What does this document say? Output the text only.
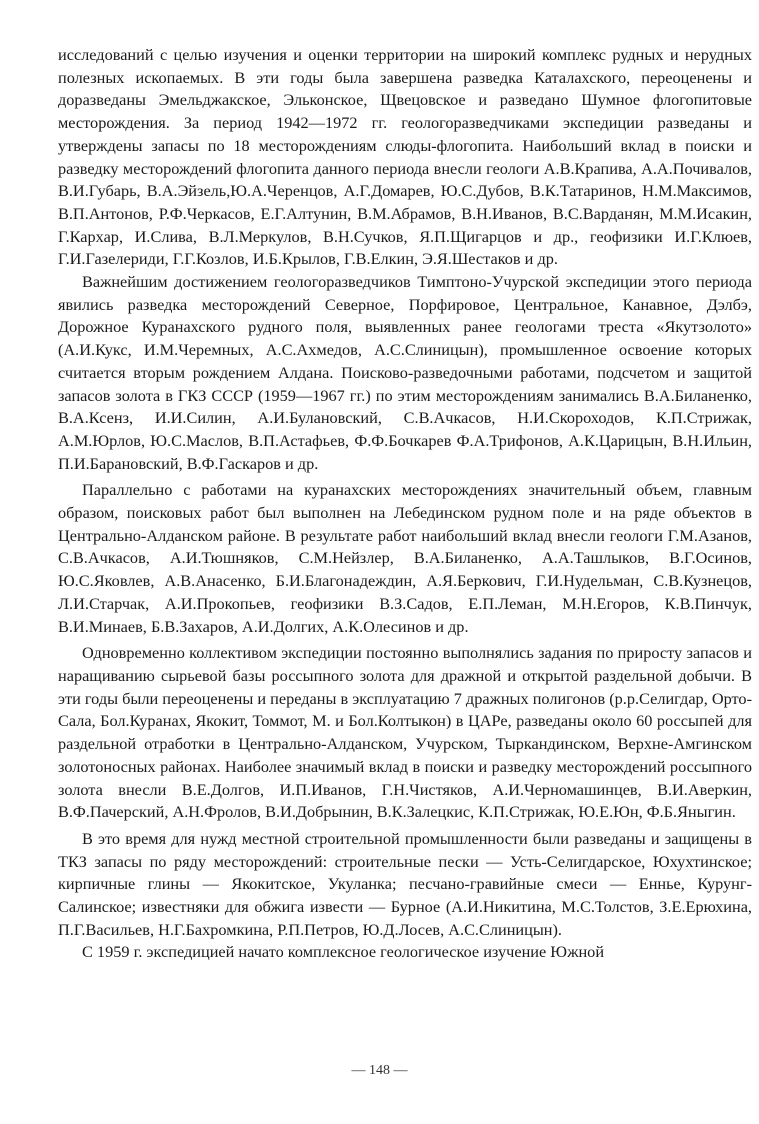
исследований с целью изучения и оценки территории на широкий комплекс рудных и нерудных полезных ископаемых. В эти годы была завершена разведка Каталахского, переоценены и доразведаны Эмельджакское, Эльконское, Щвецовское и разведано Шумное флогопитовые месторождения. За период 1942—1972 гг. геологоразведчиками экспедиции разведаны и утверждены запасы по 18 месторождениям слюды-флогопита. Наибольший вклад в поиски и разведку месторождений флогопита данного периода внесли геологи А.В.Крапива, А.А.Почивалов, В.И.Губарь, В.А.Эйзель,Ю.А.Черенцов, А.Г.Домарев, Ю.С.Дубов, В.К.Татаринов, Н.М.Максимов, В.П.Антонов, Р.Ф.Черкасов, Е.Г.Алтунин, В.М.Абрамов, В.Н.Иванов, В.С.Варданян, М.М.Исакин, Г.Кархар, И.Слива, В.Л.Меркулов, В.Н.Сучков, Я.П.Щигарцов и др., геофизики И.Г.Клюев, Г.И.Газелериди, Г.Г.Козлов, И.Б.Крылов, Г.В.Елкин, Э.Я.Шестаков и др.

Важнейшим достижением геологоразведчиков Тимптоно-Учурской экспедиции этого периода явились разведка месторождений Северное, Порфировое, Центральное, Канавное, Дэлбэ, Дорожное Куранахского рудного поля, выявленных ранее геологами треста «Якутзолото» (А.И.Кукс, И.М.Черемных, А.С.Ахмедов, А.С.Слиницын), промышленное освоение которых считается вторым рождением Алдана. Поисково-разведочными работами, подсчетом и защитой запасов золота в ГКЗ СССР (1959—1967 гг.) по этим месторождениям занимались В.А.Биланенко, В.А.Ксенз, И.И.Силин, А.И.Булановский, С.В.Ачкасов, Н.И.Скороходов, К.П.Стрижак, А.М.Юрлов, Ю.С.Маслов, В.П.Астафьев, Ф.Ф.Бочкарев Ф.А.Трифонов, А.К.Царицын, В.Н.Ильин, П.И.Барановский, В.Ф.Гаскаров и др.

Параллельно с работами на куранахских месторождениях значительный объем, главным образом, поисковых работ был выполнен на Лебединском рудном поле и на ряде объектов в Центрально-Алданском районе. В результате работ наибольший вклад внесли геологи Г.М.Азанов, С.В.Ачкасов, А.И.Тюшняков, С.М.Нейзлер, В.А.Биланенко, А.А.Ташлыков, В.Г.Осинов, Ю.С.Яковлев, А.В.Анасенко, Б.И.Благонадеждин, А.Я.Беркович, Г.И.Нудельман, С.В.Кузнецов, Л.И.Старчак, А.И.Прокопьев, геофизики В.З.Садов, Е.П.Леман, М.Н.Егоров, К.В.Пинчук, В.И.Минаев, Б.В.Захаров, А.И.Долгих, А.К.Олесинов и др.

Одновременно коллективом экспедиции постоянно выполнялись задания по приросту запасов и наращиванию сырьевой базы россыпного золота для дражной и открытой раздельной добычи. В эти годы были переоценены и переданы в эксплуатацию 7 дражных полигонов (р.р.Селигдар, Орто-Сала, Бол.Куранах, Якокит, Томмот, М. и Бол.Колтыкон) в ЦАРе, разведаны около 60 россыпей для раздельной отработки в Центрально-Алданском, Учурском, Тыркандинском, Верхне-Амгинском золотоносных районах. Наиболее значимый вклад в поиски и разведку месторождений россыпного золота внесли В.Е.Долгов, И.П.Иванов, Г.Н.Чистяков, А.И.Черномашинцев, В.И.Аверкин, В.Ф.Пачерский, А.Н.Фролов, В.И.Добрынин, В.К.Залецкис, К.П.Стрижак, Ю.Е.Юн, Ф.Б.Яныгин.

В это время для нужд местной строительной промышленности были разведаны и защищены в ТКЗ запасы по ряду месторождений: строительные пески — Усть-Селигдарское, Юхухтинское; кирпичные глины — Якокитское, Укуланка; песчано-гравийные смеси — Еннье, Курунг-Салинское; известняки для обжига извести — Бурное (А.И.Никитина, М.С.Толстов, З.Е.Ерюхина, П.Г.Васильев, Н.Г.Бахромкина, Р.П.Петров, Ю.Д.Лосев, А.С.Слиницын).

С 1959 г. экспедицией начато комплексное геологическое изучение Южной

— 148 —
